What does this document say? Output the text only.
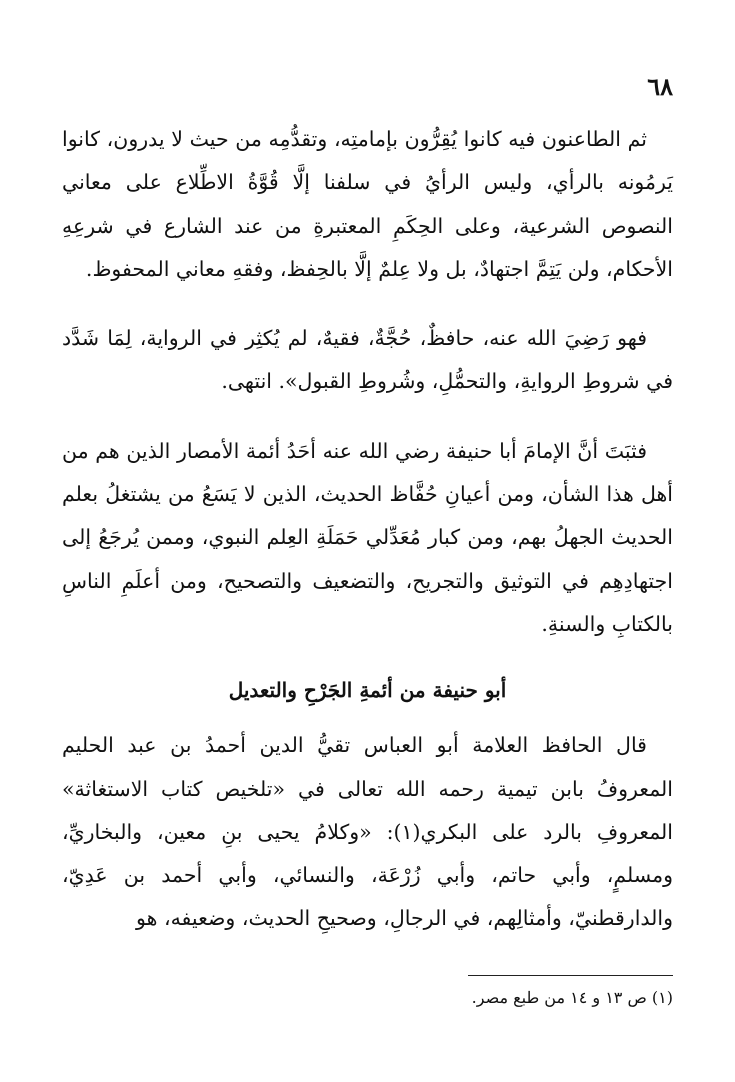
٦٨

ثم الطاعنون فيه كانوا يُقِرُّون بإمامتِه، وتقدُّمِه من حيث لا يدرون، كانوا يَرمُونه بالرأي، وليس الرأيُ في سلفنا إلَّا قُوَّةُ الاطِّلاع على معاني النصوص الشرعية، وعلى الحِكَمِ المعتبرةِ من عند الشارع في شرعِهِ الأحكام، ولن يَتِمَّ اجتهادٌ، بل ولا عِلمٌ إلَّا بالحِفظ، وفقهِ معاني المحفوظ.

فهو رَضِيَ الله عنه، حافظٌ، حُجَّةٌ، فقيهٌ، لم يُكثِر في الرواية، لِمَا شَدَّد في شروطِ الروايةِ، والتحمُّلِ، وشُروطِ القبول». انتهى.

فثبَتَ أنَّ الإمامَ أبا حنيفة رضي الله عنه أحَدُ أئمة الأمصار الذين هم من أهل هذا الشأن، ومن أعيانِ حُفَّاظ الحديث، الذين لا يَسَعُ من يشتغلُ بعلم الحديث الجهلُ بهم، ومن كبار مُعَدِّلي حَمَلَةِ العِلم النبوي، وممن يُرجَعُ إلى اجتهادِهِم في التوثيق والتجريح، والتضعيف والتصحيح، ومن أعلَمِ الناسِ بالكتابِ والسنةِ.

أبو حنيفة من أئمةِ الجَرْحِ والتعديل

قال الحافظ العلامة أبو العباس تقيُّ الدين أحمدُ بن عبد الحليم المعروفُ بابن تيمية رحمه الله تعالى في «تلخيص كتاب الاستغاثة» المعروفِ بالرد على البكري(١): «وكلامُ يحيى بنِ معين، والبخاريِّ، ومسلمٍ، وأبي حاتم، وأبي زُرْعَة، والنسائي، وأبي أحمد بن عَدِيّ، والدارقطنيّ، وأمثالِهم، في الرجالِ، وصحيحِ الحديث، وضعيفه، هو

(١) ص ١٣ و ١٤ من طبع مصر.
